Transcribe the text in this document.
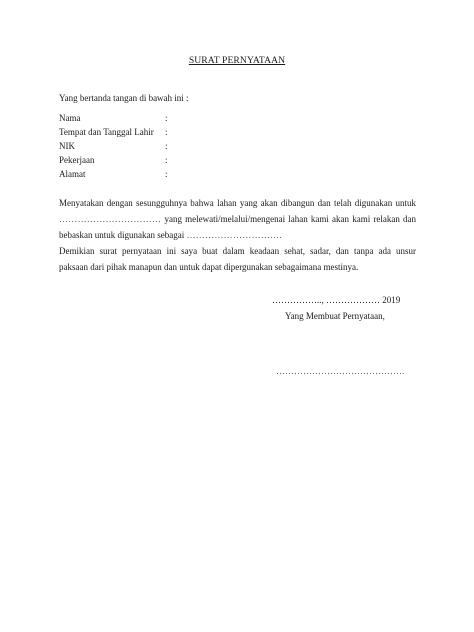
SURAT PERNYATAAN
Yang bertanda tangan di bawah ini :
Nama	:
Tempat dan Tanggal Lahir :
NIK	:
Pekerjaan	:
Alamat	:
Menyatakan dengan sesungguhnya bahwa lahan yang akan dibangun dan telah digunakan untuk
…………………………… yang melewati/melalui/mengenai lahan kami akan kami relakan dan
bebaskan untuk digunakan sebagai ………………………….
Demikian surat pernyataan ini saya buat dalam keadaan sehat, sadar, dan tanpa ada unsur
paksaan dari pihak manapun dan untuk dapat dipergunakan sebagaimana mestinya.
…………….., ……………… 2019
Yang Membuat Pernyataan,
…………………………………….
